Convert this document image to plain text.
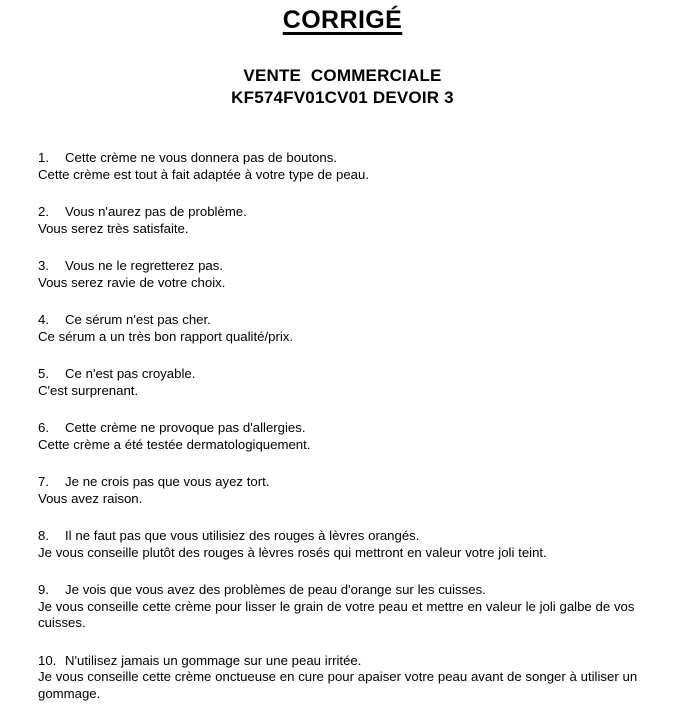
CORRIGÉ
VENTE  COMMERCIALE
KF574FV01CV01 DEVOIR 3

1. Cette crème ne vous donnera pas de boutons.

Cette crème est tout à fait adaptée à votre type de peau.

2. Vous n'aurez pas de problème.

Vous serez très satisfaite.

3. Vous ne le regretterez pas.

Vous serez ravie de votre choix.

4. Ce sérum n'est pas cher.

Ce sérum a un très bon rapport qualité/prix.

5. Ce n'est pas croyable.

C'est surprenant.

6. Cette crème ne provoque pas d'allergies.

Cette crème a été testée dermatologiquement.

7. Je ne crois pas que vous ayez tort.

Vous avez raison.

8. Il ne faut pas que vous utilisiez des rouges à lèvres orangés.

Je vous conseille plutôt des rouges à lèvres rosés qui mettront en valeur votre joli teint.

9. Je vois que vous avez des problèmes de peau d'orange sur les cuisses.

Je vous conseille cette crème pour lisser le grain de votre peau et mettre en valeur le joli galbe de vos cuisses.

10. N'utilisez jamais un gommage sur une peau irritée.

Je vous conseille cette crème onctueuse en cure pour apaiser votre peau avant de songer à utiliser un gommage.
